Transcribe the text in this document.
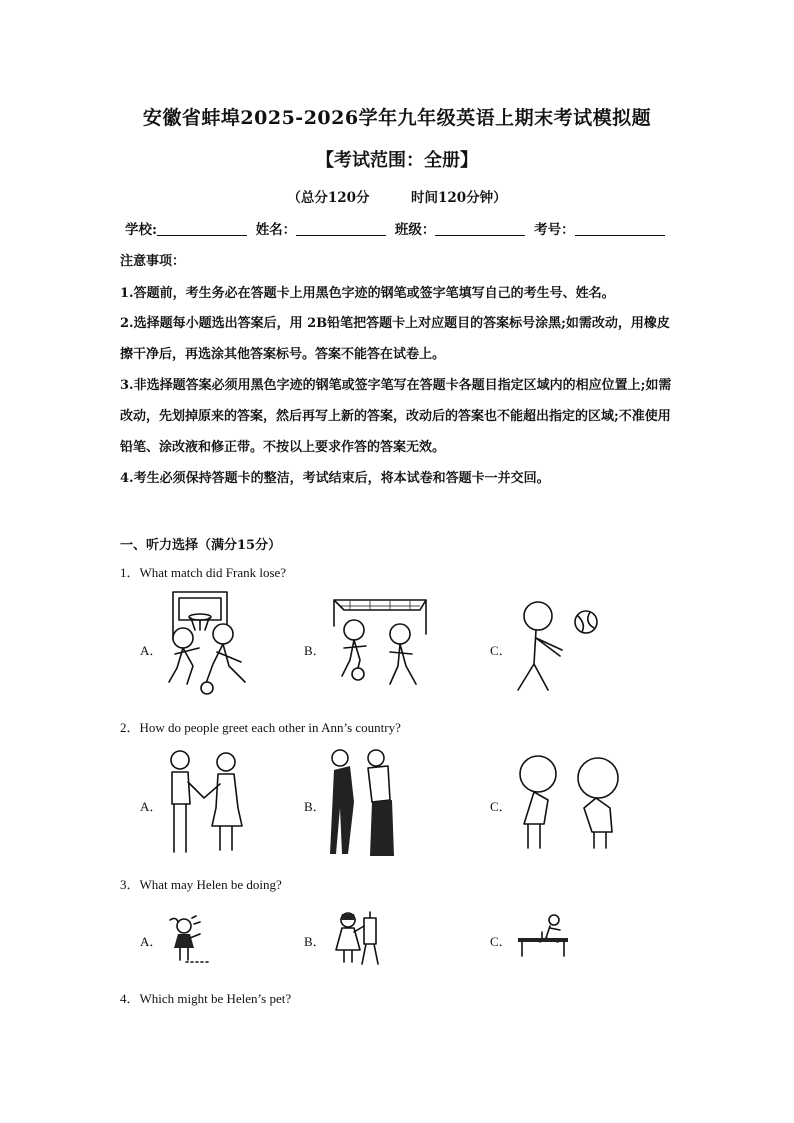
安徽省蚌埠2025-2026学年九年级英语上期末考试模拟题
【考试范围：全册】
（总分120分	时间120分钟）
学校:	姓名：	班级：	考号：
注意事项：
1.答题前，考生务必在答题卡上用黑色字迹的钢笔或签字笔填写自己的考生号、姓名。
2.选择题每小题选出答案后，用 2B铅笔把答题卡上对应题目的答案标号涂黑;如需改动，用橡皮擦干净后，再选涂其他答案标号。答案不能答在试卷上。
3.非选择题答案必须用黑色字迹的钢笔或签字笔写在答题卡各题目指定区域内的相应位置上;如需改动，先划掉原来的答案，然后再写上新的答案，改动后的答案也不能超出指定的区域;不准使用铅笔、涂改液和修正带。不按以上要求作答的答案无效。
4.考生必须保持答题卡的整洁，考试结束后，将本试卷和答题卡一并交回。
一、听力选择（满分15分）
1．What match did Frank lose?
A．	B．	C．
2．How do people greet each other in Ann’s country?
A．	B．	C．
3．What may Helen be doing?
A．	B．	C．
4．Which might be Helen’s pet?
